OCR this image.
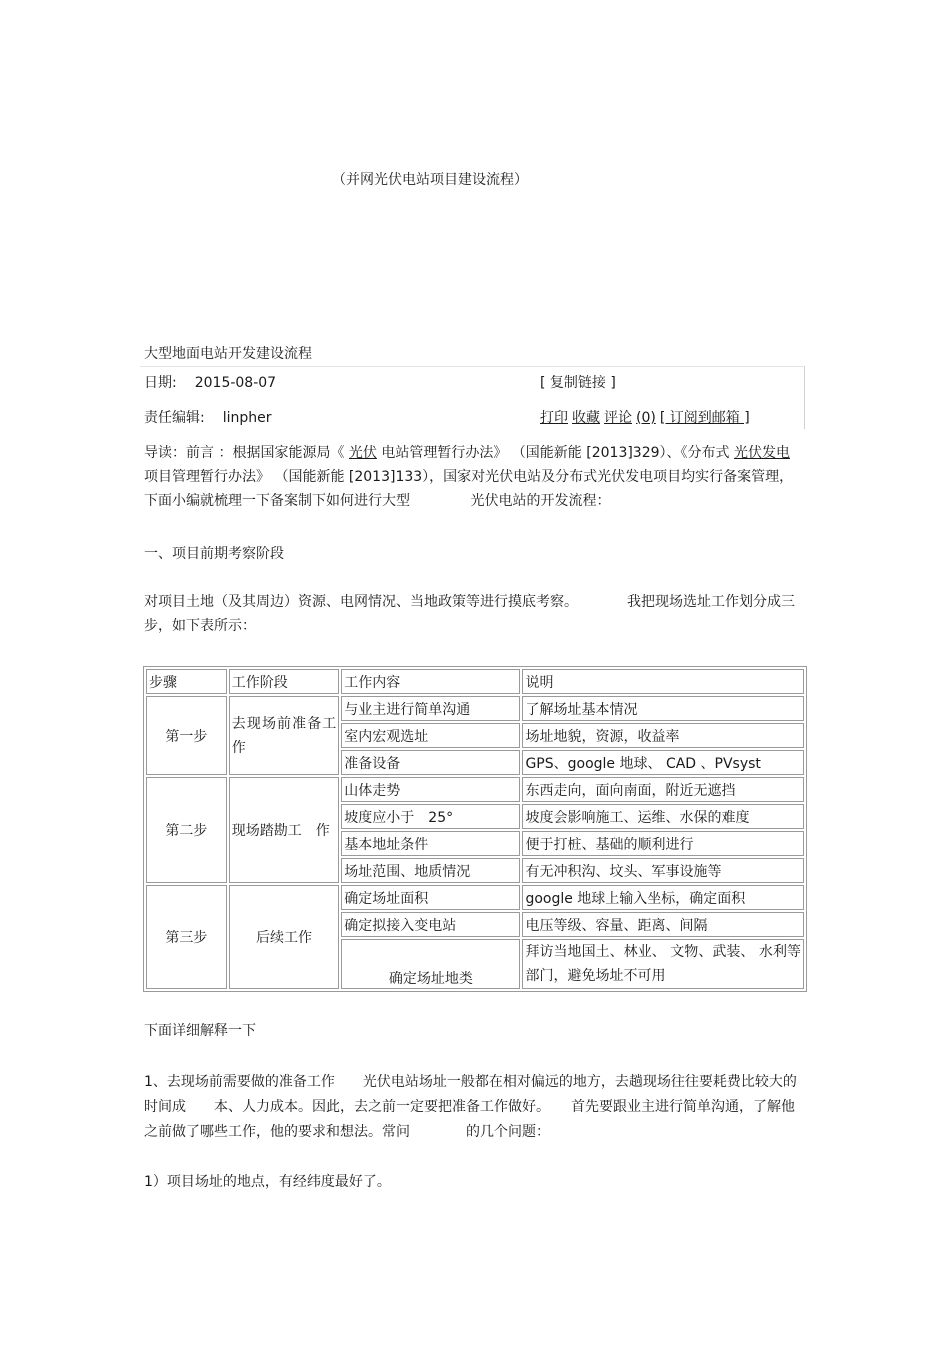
（并网光伏电站项目建设流程）
大型地面电站开发建设流程
日期: 2015-08-07	[ 复制链接 ]
责任编辑: linpher	打印 收藏 评论 (0) [ 订阅到邮箱 ]
导读：前言 ：根据国家能源局《 光伏 电站管理暂行办法》 （国能新能 [2013]329）、《分布式 光伏发电 项目管理暂行办法》 （国能新能 [2013]133），国家对光伏电站及分布式光伏发电项目均实行备案管理，下面小编就梳理一下备案制下如何进行大型 　　　　光伏电站的开发流程：
一、项目前期考察阶段
对项目土地（及其周边）资源、电网情况、当地政策等进行摸底考察。　　　　我把现场选址工作划分成三步，如下表所示：
步骤	工作阶段	工作内容	说明
第一步	去现场前准备工作	与业主进行简单沟通	了解场址基本情况
		室内宏观选址	场址地貌，资源，收益率
		准备设备	GPS、google 地球、 CAD 、PVsyst
第二步	现场踏勘工　作	山体走势	东西走向，面向南面，附近无遮挡
		坡度应小于　25°	坡度会影响施工、运维、水保的难度
		基本地址条件	便于打桩、基础的顺利进行
		场址范围、地质情况	有无冲积沟、坟头、军事设施等
第三步	后续工作	确定场址面积	google 地球上输入坐标，确定面积
		确定拟接入变电站	电压等级、容量、距离、间隔
		确定场址地类	拜访当地国土、林业、 文物、武装、 水利等部门，避免场址不可用
下面详细解释一下
1、去现场前需要做的准备工作　　光伏电站场址一般都在相对偏远的地方，去趟现场往往要耗费比较大的时间成　　本、人力成本。因此，去之前一定要把准备工作做好。　　首先要跟业主进行简单沟通，了解他之前做了哪些工作，他的要求和想法。常问　　　　的几个问题：
1）项目场址的地点，有经纬度最好了。
